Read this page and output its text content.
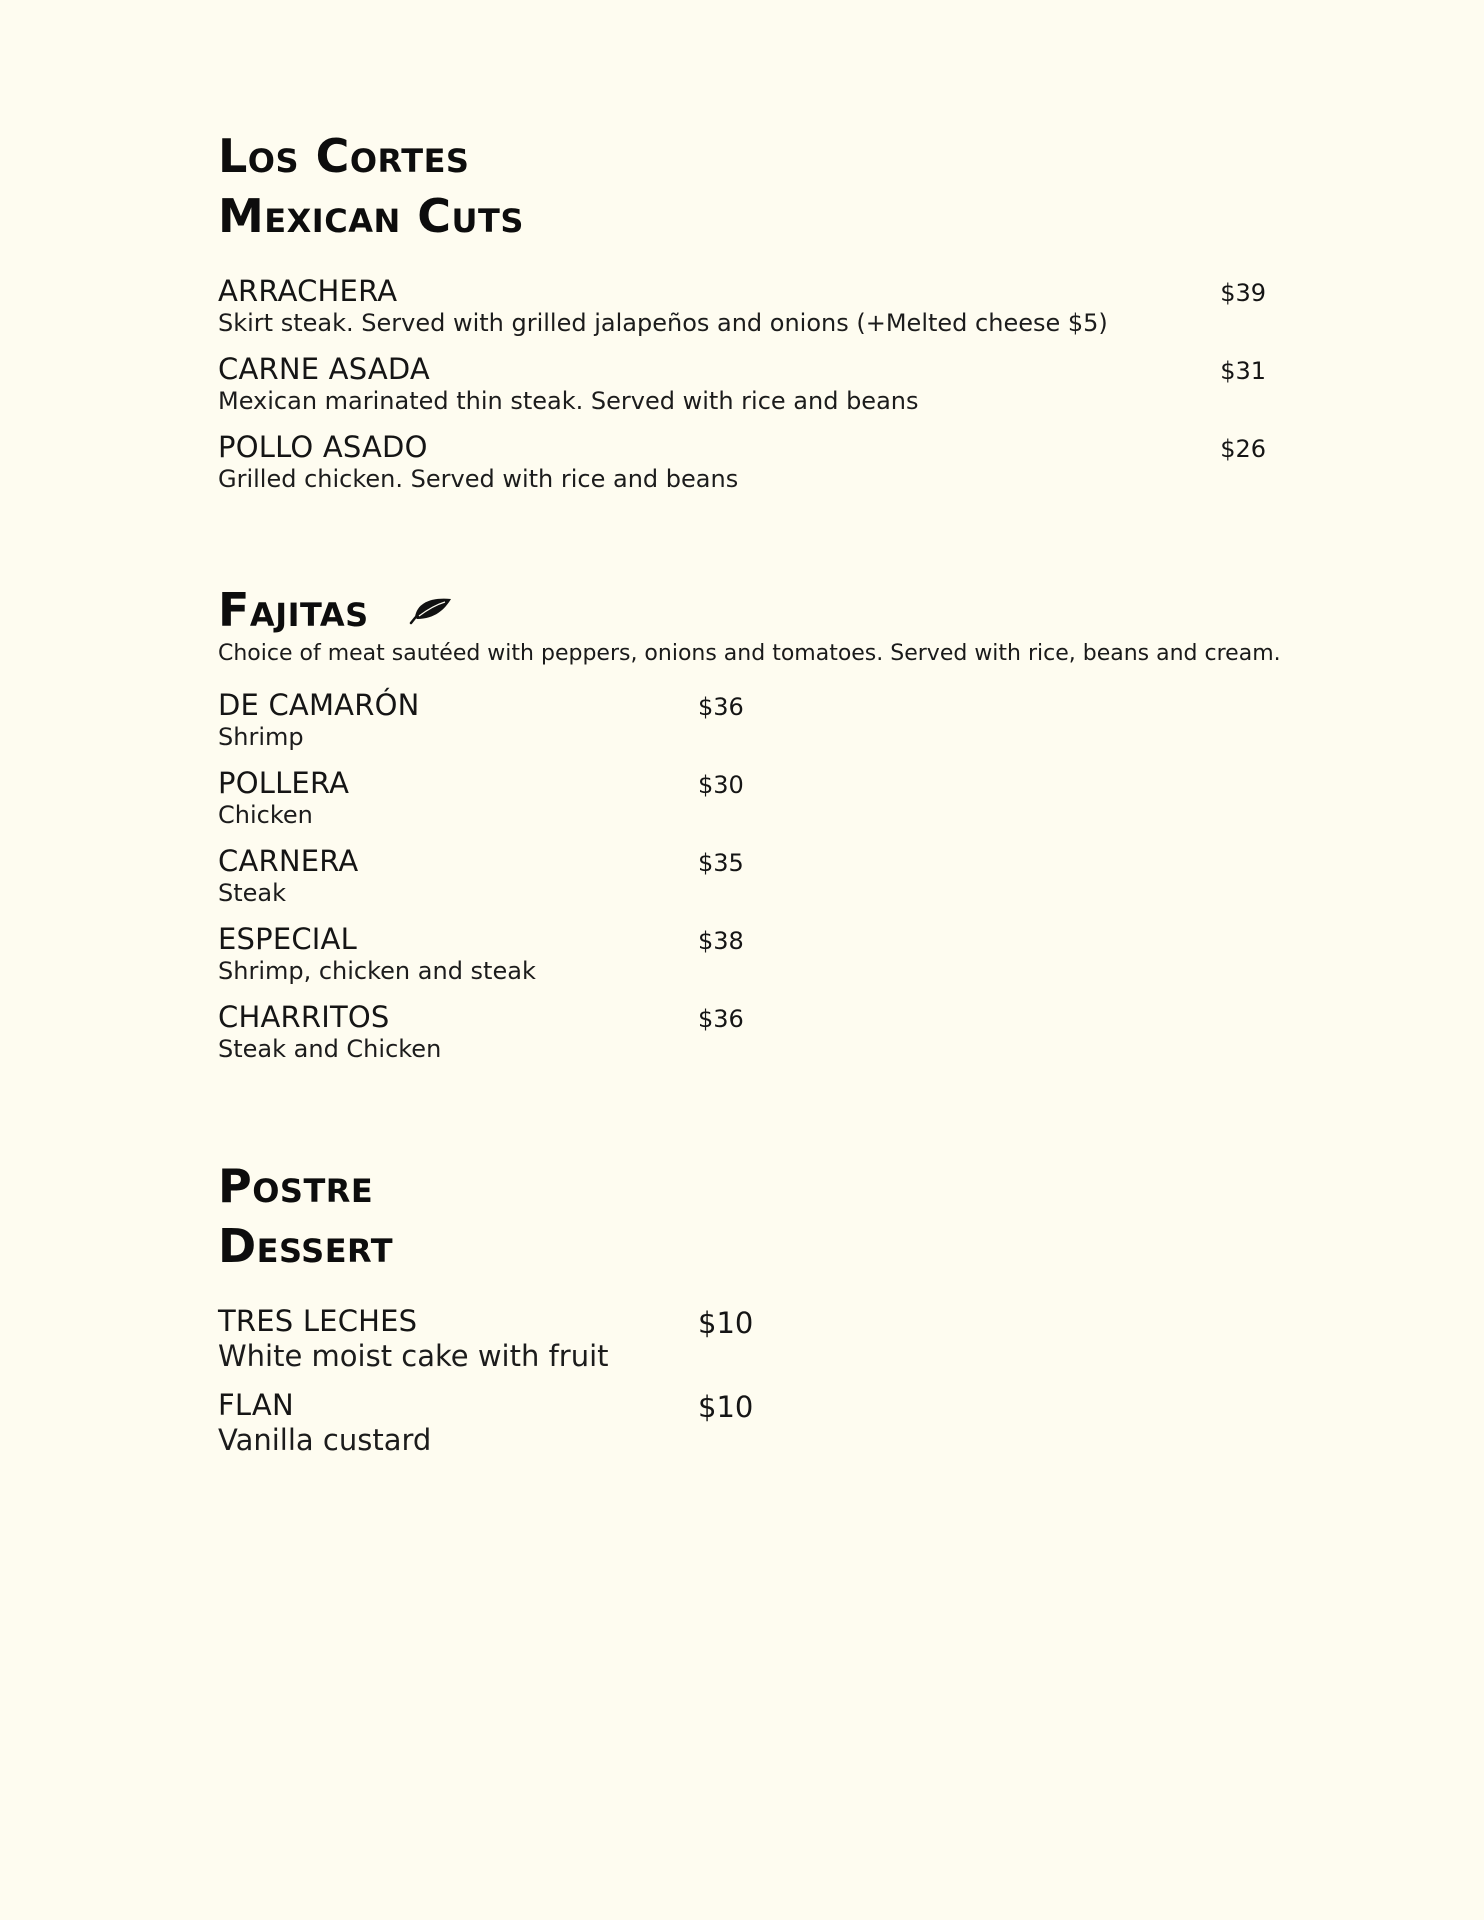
Los Cortes
Mexican Cuts
ARRACHERA
Skirt steak. Served with grilled jalapeños and onions (+Melted cheese $5)
$39
CARNE ASADA
Mexican marinated thin steak. Served with rice and beans
$31
POLLO ASADO
Grilled chicken. Served with rice and beans
$26
Fajitas
Choice of meat sautéed with peppers, onions and tomatoes. Served with rice, beans and cream.
DE CAMARÓN
Shrimp
$36
POLLERA
Chicken
$30
CARNERA
Steak
$35
ESPECIAL
Shrimp, chicken and steak
$38
CHARRITOS
Steak and Chicken
$36
Postre
Dessert
TRES LECHES
White moist cake with fruit
$10
FLAN
Vanilla custard
$10
